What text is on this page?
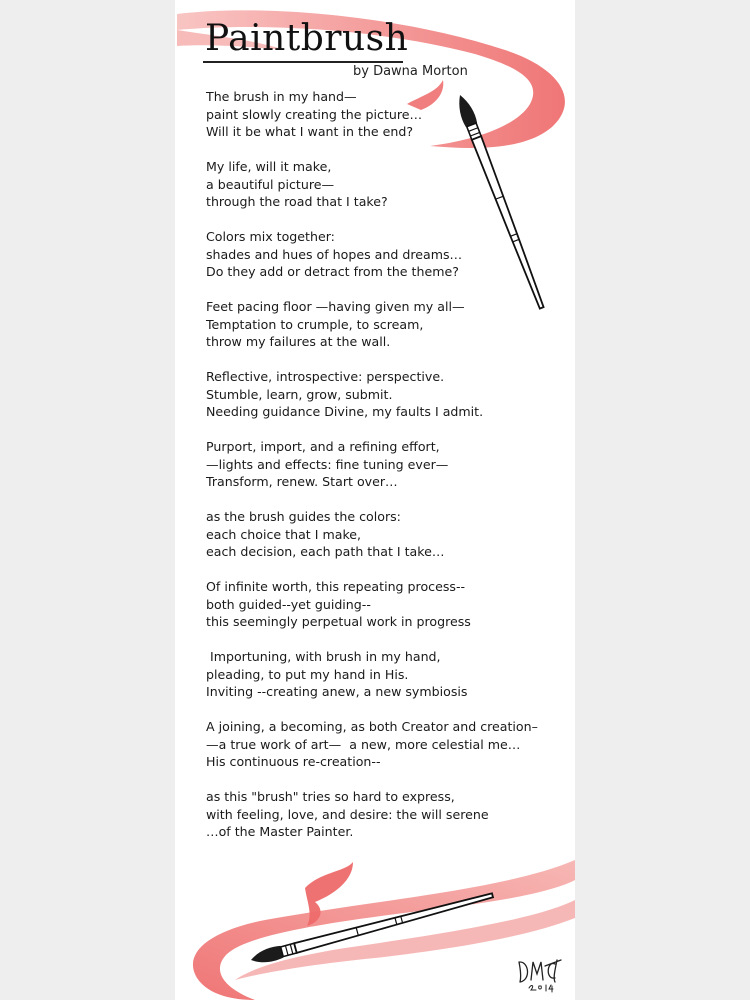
Paintbrush
by Dawna Morton
The brush in my hand—
paint slowly creating the picture…
Will it be what I want in the end?
My life, will it make,
a beautiful picture—
through the road that I take?
Colors mix together:
shades and hues of hopes and dreams…
Do they add or detract from the theme?
Feet pacing floor —having given my all—
Temptation to crumple, to scream,
throw my failures at the wall.
Reflective, introspective: perspective.
Stumble, learn, grow, submit.
Needing guidance Divine, my faults I admit.
Purport, import, and a refining effort,
—lights and effects: fine tuning ever—
Transform, renew. Start over…
as the brush guides the colors:
each choice that I make,
each decision, each path that I take…
Of infinite worth, this repeating process--
both guided--yet guiding--
this seemingly perpetual work in progress
Importuning, with brush in my hand,
pleading, to put my hand in His.
Inviting --creating anew, a new symbiosis
A joining, a becoming, as both Creator and creation–
—a true work of art—  a new, more celestial me…
His continuous re-creation--
as this "brush" tries so hard to express,
with feeling, love, and desire: the will serene
…of the Master Painter.
